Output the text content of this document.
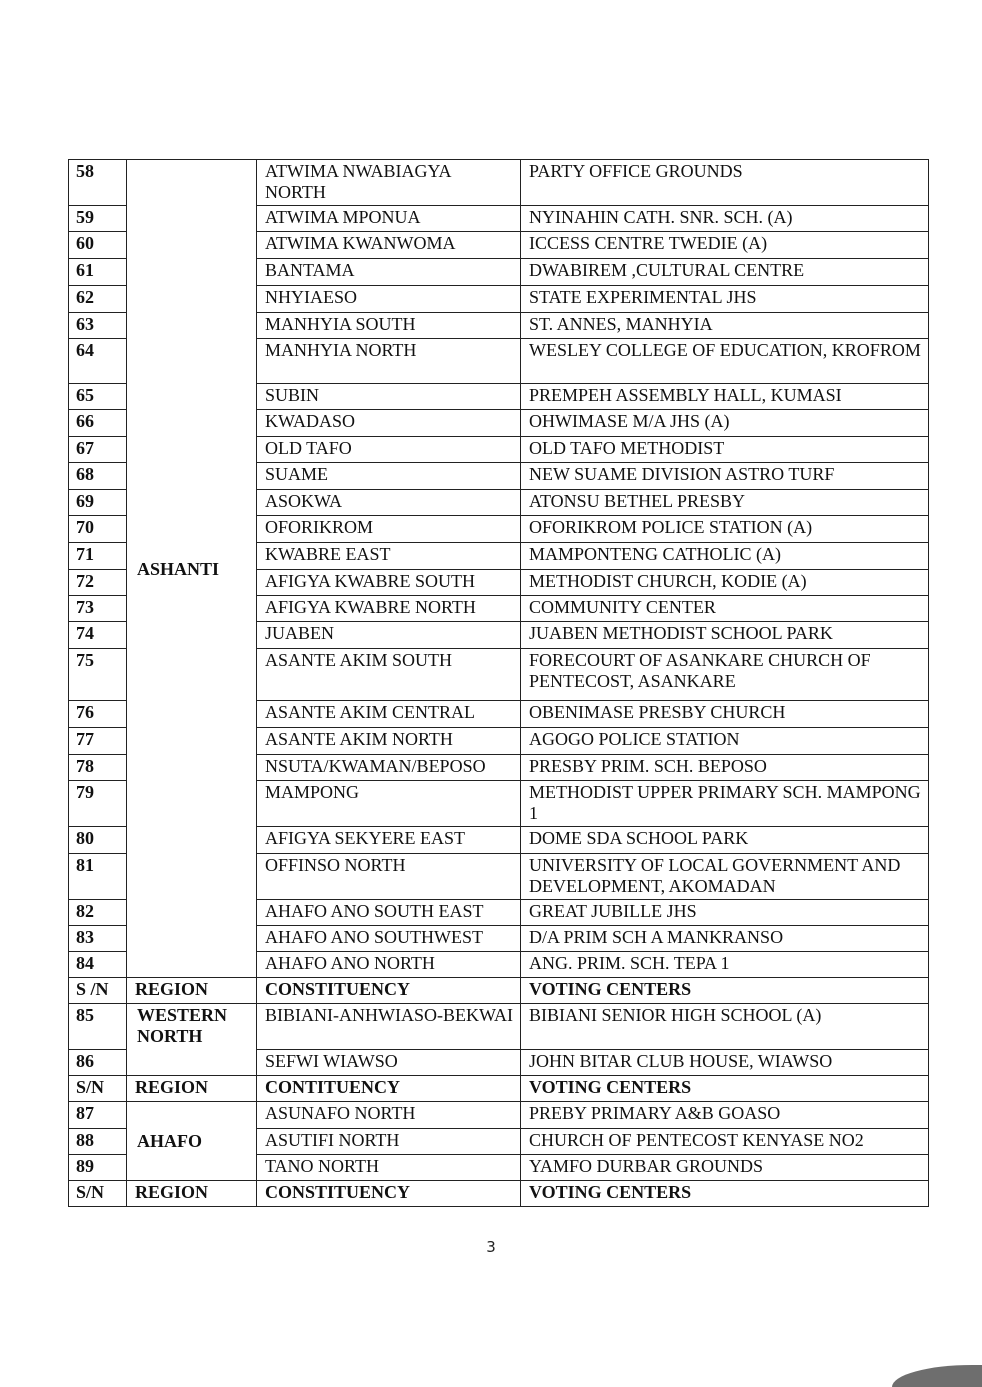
58	ASHANTI	ATWIMA NWABIAGYA NORTH	PARTY OFFICE GROUNDS
59		ATWIMA MPONUA	NYINAHIN CATH. SNR. SCH. (A)
60		ATWIMA KWANWOMA	ICCESS CENTRE TWEDIE (A)
61		BANTAMA	DWABIREM ,CULTURAL CENTRE
62		NHYIAESO	STATE EXPERIMENTAL JHS
63		MANHYIA SOUTH	ST. ANNES, MANHYIA
64		MANHYIA NORTH	WESLEY COLLEGE OF EDUCATION, KROFROM
65		SUBIN	PREMPEH ASSEMBLY HALL, KUMASI
66		KWADASO	OHWIMASE M/A JHS (A)
67		OLD TAFO	OLD TAFO METHODIST
68		SUAME	NEW SUAME DIVISION ASTRO TURF
69		ASOKWA	ATONSU BETHEL PRESBY
70		OFORIKROM	OFORIKROM POLICE STATION (A)
71		KWABRE EAST	MAMPONTENG CATHOLIC (A)
72		AFIGYA KWABRE SOUTH	METHODIST CHURCH, KODIE (A)
73		AFIGYA KWABRE NORTH	COMMUNITY CENTER
74		JUABEN	JUABEN METHODIST SCHOOL PARK
75		ASANTE AKIM SOUTH	FORECOURT OF ASANKARE CHURCH OF PENTECOST, ASANKARE
76		ASANTE AKIM CENTRAL	OBENIMASE PRESBY CHURCH
77		ASANTE AKIM NORTH	AGOGO POLICE STATION
78		NSUTA/KWAMAN/BEPOSO	PRESBY PRIM. SCH. BEPOSO
79		MAMPONG	METHODIST UPPER PRIMARY SCH. MAMPONG 1
80		AFIGYA SEKYERE EAST	DOME SDA SCHOOL PARK
81		OFFINSO NORTH	UNIVERSITY OF LOCAL GOVERNMENT AND DEVELOPMENT, AKOMADAN
82		AHAFO ANO SOUTH EAST	GREAT JUBILLE JHS
83		AHAFO ANO SOUTHWEST	D/A PRIM SCH A MANKRANSO
84		AHAFO ANO NORTH	ANG. PRIM. SCH. TEPA 1
S /N	REGION	CONSTITUENCY	VOTING CENTERS
85	WESTERN NORTH	BIBIANI-ANHWIASO-BEKWAI	BIBIANI SENIOR HIGH SCHOOL (A)
86		SEFWI WIAWSO	JOHN BITAR CLUB HOUSE, WIAWSO
S/N	REGION	CONTITUENCY	VOTING CENTERS
87	AHAFO	ASUNAFO NORTH	PREBY PRIMARY A&B GOASO
88		ASUTIFI NORTH	CHURCH OF PENTECOST KENYASE NO2
89		TANO NORTH	YAMFO DURBAR GROUNDS
S/N	REGION	CONSTITUENCY	VOTING CENTERS
3
